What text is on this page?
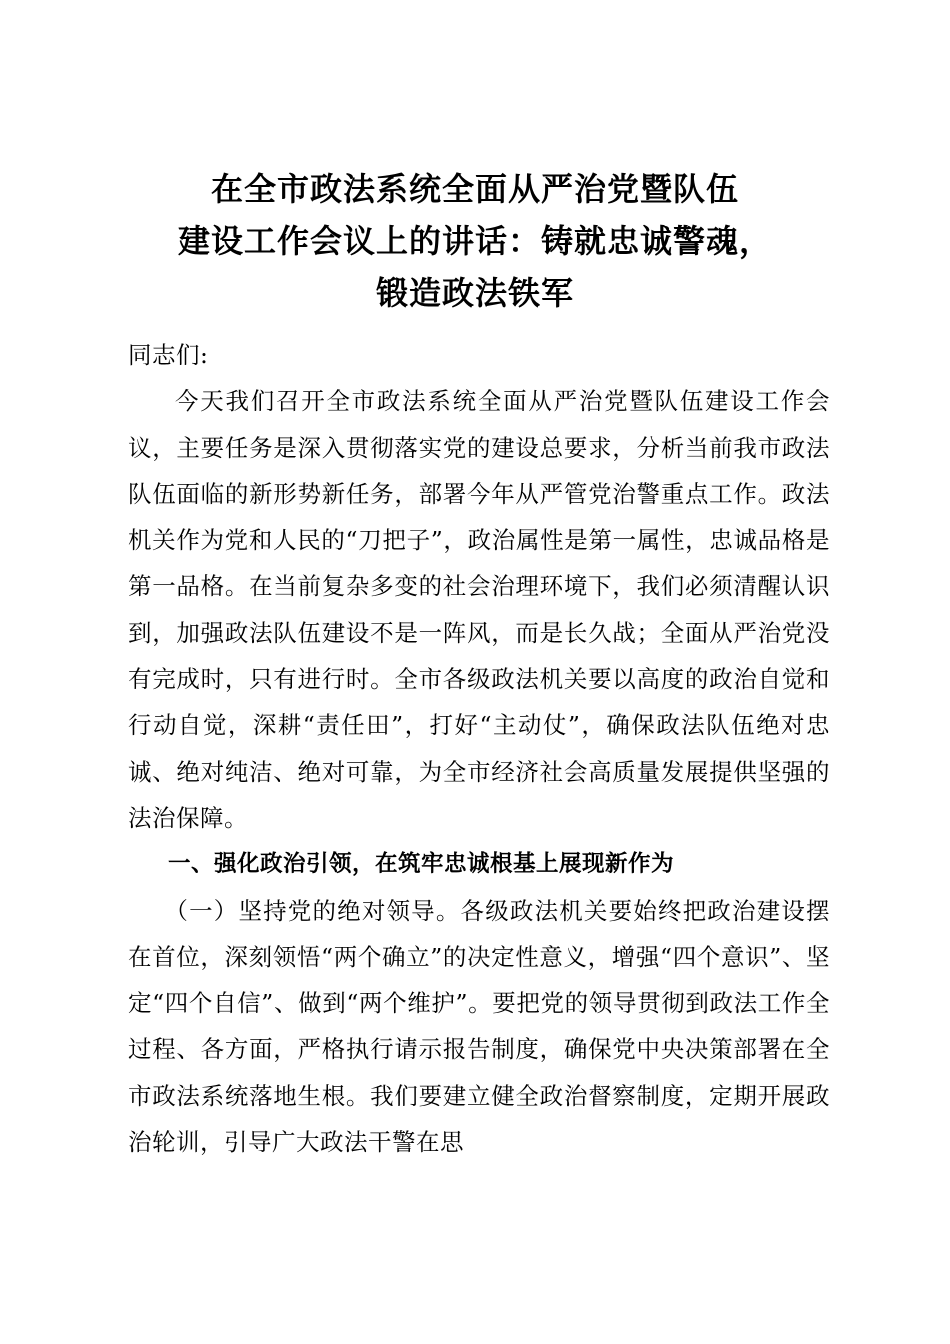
在全市政法系统全面从严治党暨队伍
建设工作会议上的讲话：铸就忠诚警魂，
锻造政法铁军

同志们:

今天我们召开全市政法系统全面从严治党暨队伍建设工作会议，主要任务是深入贯彻落实党的建设总要求，分析当前我市政法队伍面临的新形势新任务，部署今年从严管党治警重点工作。政法机关作为党和人民的“刀把子”，政治属性是第一属性，忠诚品格是第一品格。在当前复杂多变的社会治理环境下，我们必须清醒认识到，加强政法队伍建设不是一阵风，而是长久战；全面从严治党没有完成时，只有进行时。全市各级政法机关要以高度的政治自觉和行动自觉，深耕“责任田”，打好“主动仗”，确保政法队伍绝对忠诚、绝对纯洁、绝对可靠，为全市经济社会高质量发展提供坚强的法治保障。

一、强化政治引领，在筑牢忠诚根基上展现新作为

（一）坚持党的绝对领导。各级政法机关要始终把政治建设摆在首位，深刻领悟“两个确立”的决定性意义，增强“四个意识”、坚定“四个自信”、做到“两个维护”。要把党的领导贯彻到政法工作全过程、各方面，严格执行请示报告制度，确保党中央决策部署在全市政法系统落地生根。我们要建立健全政治督察制度，定期开展政治轮训，引导广大政法干警在思
